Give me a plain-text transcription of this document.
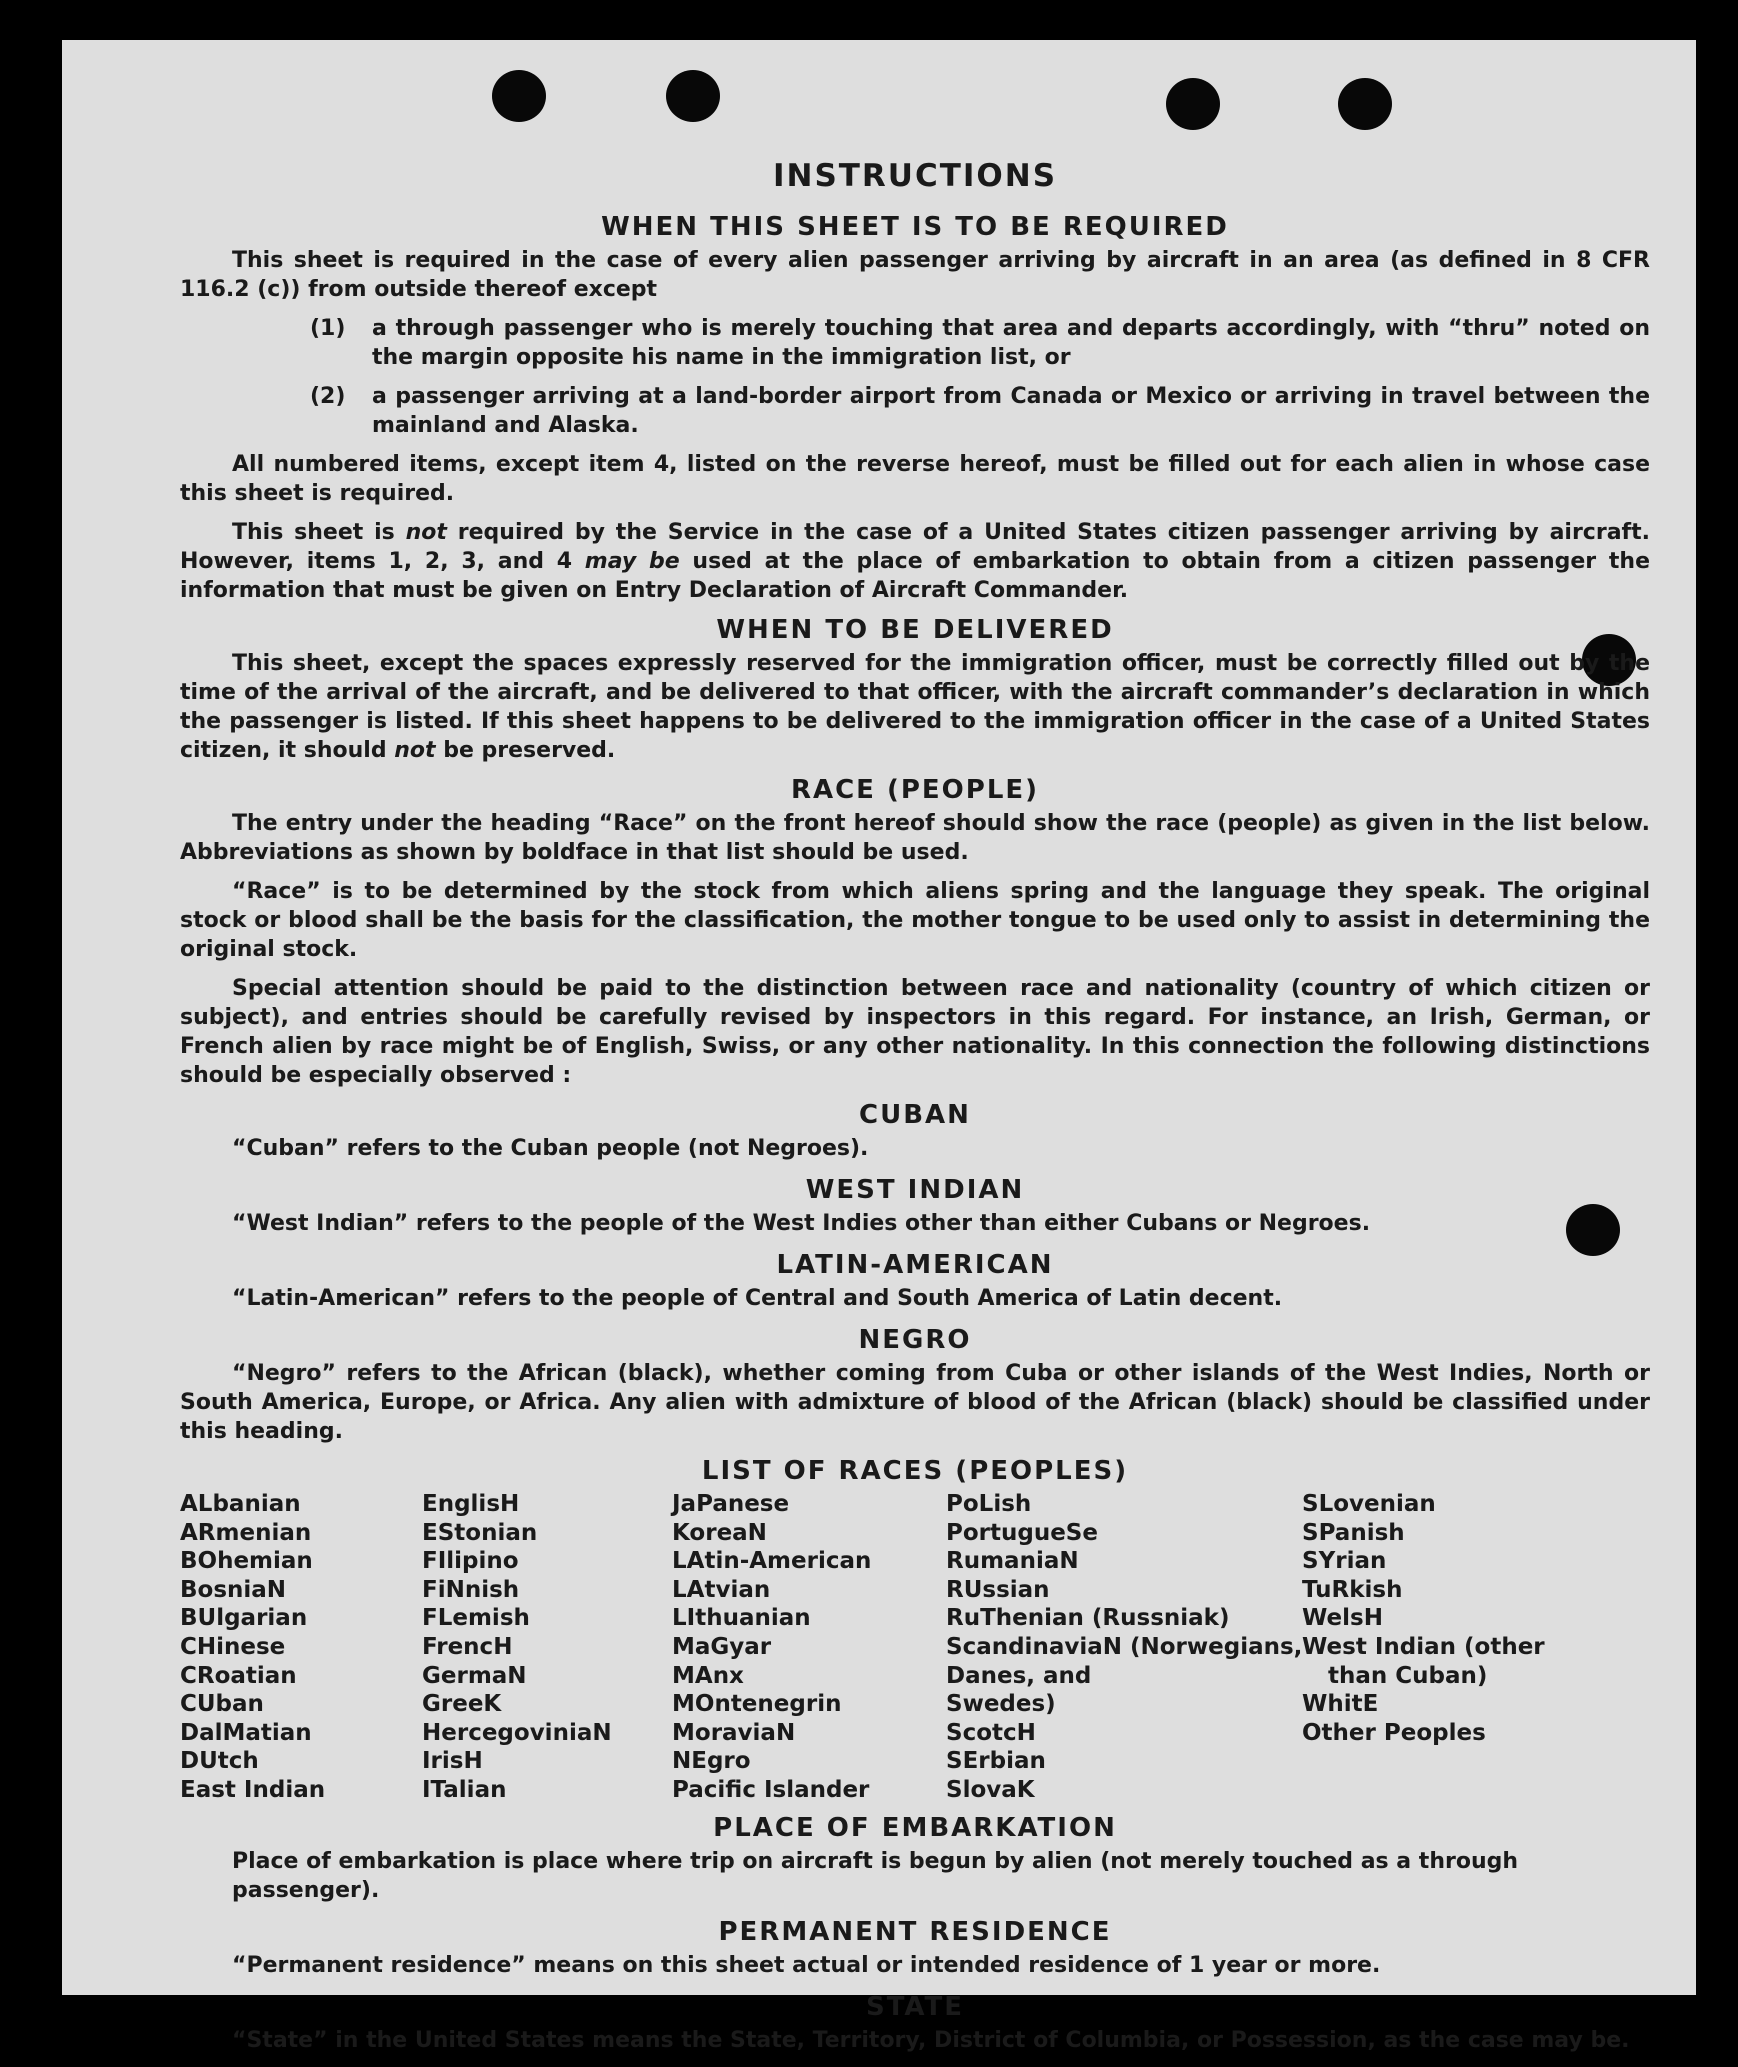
INSTRUCTIONS
WHEN THIS SHEET IS TO BE REQUIRED

This sheet is required in the case of every alien passenger arriving by aircraft in an area (as defined in 8 CFR 116.2 (c)) from outside thereof except

(1)	a through passenger who is merely touching that area and departs accordingly, with “thru” noted on the margin opposite his name in the immigration list, or
(2)	a passenger arriving at a land-border airport from Canada or Mexico or arriving in travel between the mainland and Alaska.

All numbered items, except item 4, listed on the reverse hereof, must be filled out for each alien in whose case this sheet is required.

This sheet is not required by the Service in the case of a United States citizen passenger arriving by aircraft. However, items 1, 2, 3, and 4 may be used at the place of embarkation to obtain from a citizen passenger the information that must be given on Entry Declaration of Aircraft Commander.

WHEN TO BE DELIVERED

This sheet, except the spaces expressly reserved for the immigration officer, must be correctly filled out by the time of the arrival of the aircraft, and be delivered to that officer, with the aircraft commander’s declaration in which the passenger is listed. If this sheet happens to be delivered to the immigration officer in the case of a United States citizen, it should not be preserved.

RACE (PEOPLE)

The entry under the heading “Race” on the front hereof should show the race (people) as given in the list below. Abbreviations as shown by boldface in that list should be used.

“Race” is to be determined by the stock from which aliens spring and the language they speak. The original stock or blood shall be the basis for the classification, the mother tongue to be used only to assist in determining the original stock.

Special attention should be paid to the distinction between race and nationality (country of which citizen or subject), and entries should be carefully revised by inspectors in this regard. For instance, an Irish, German, or French alien by race might be of English, Swiss, or any other nationality. In this connection the following distinctions should be especially observed :

CUBAN

“Cuban” refers to the Cuban people (not Negroes).

WEST INDIAN

“West Indian” refers to the people of the West Indies other than either Cubans or Negroes.

LATIN-AMERICAN

“Latin-American” refers to the people of Central and South America of Latin decent.

NEGRO

“Negro” refers to the African (black), whether coming from Cuba or other islands of the West Indies, North or South America, Europe, or Africa. Any alien with admixture of blood of the African (black) should be classified under this heading.

LIST OF RACES (PEOPLES)
ALbanian
ARmenian
BOhemian
BosniaN
BUlgarian
CHinese
CRoatian
CUban
DalMatian
DUtch
East Indian
EnglisH
EStonian
FIlipino
FiNnish
FLemish
FrencH
GermaN
GreeK
HercegoviniaN
IrisH
ITalian
JaPanese
KoreaN
LAtin-American
LAtvian
LIthuanian
MaGyar
MAnx
MOntenegrin
MoraviaN
NEgro
Pacific Islander
PoLish
PortugueSe
RumaniaN
RUssian
RuThenian (Russniak)
ScandinaviaN (Norwegians,
Danes, and
Swedes)
ScotcH
SErbian
SlovaK
SLovenian
SPanish
SYrian
TuRkish
WelsH
West Indian (other
than Cuban)
WhitE
Other Peoples
PLACE OF EMBARKATION

Place of embarkation is place where trip on aircraft is begun by alien (not merely touched as a through passenger).

PERMANENT RESIDENCE

“Permanent residence” means on this sheet actual or intended residence of 1 year or more.

STATE

“State” in the United States means the State, Territory, District of Columbia, or Possession, as the case may be.
